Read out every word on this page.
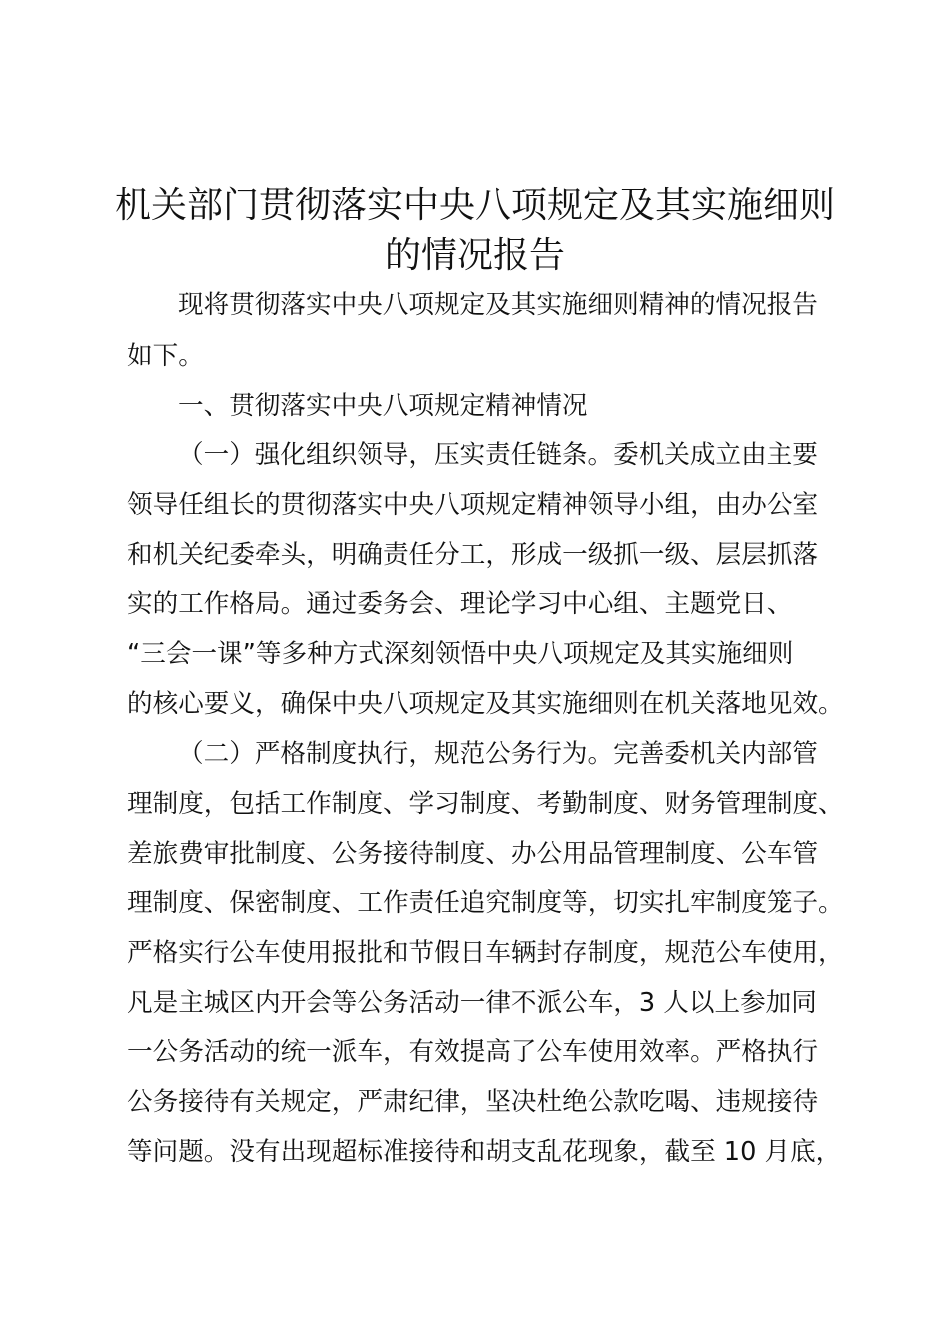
机关部门贯彻落实中央八项规定及其实施细则
的情况报告
现将贯彻落实中央八项规定及其实施细则精神的情况报告
如下。
一、贯彻落实中央八项规定精神情况
（一）强化组织领导，压实责任链条。委机关成立由主要
领导任组长的贯彻落实中央八项规定精神领导小组，由办公室
和机关纪委牵头，明确责任分工，形成一级抓一级、层层抓落
实的工作格局。通过委务会、理论学习中心组、主题党日、
“三会一课”等多种方式深刻领悟中央八项规定及其实施细则
的核心要义，确保中央八项规定及其实施细则在机关落地见效。
（二）严格制度执行，规范公务行为。完善委机关内部管
理制度，包括工作制度、学习制度、考勤制度、财务管理制度、
差旅费审批制度、公务接待制度、办公用品管理制度、公车管
理制度、保密制度、工作责任追究制度等，切实扎牢制度笼子。
严格实行公车使用报批和节假日车辆封存制度，规范公车使用，
凡是主城区内开会等公务活动一律不派公车，3 人以上参加同
一公务活动的统一派车，有效提高了公车使用效率。严格执行
公务接待有关规定，严肃纪律，坚决杜绝公款吃喝、违规接待
等问题。没有出现超标准接待和胡支乱花现象，截至 10 月底，
